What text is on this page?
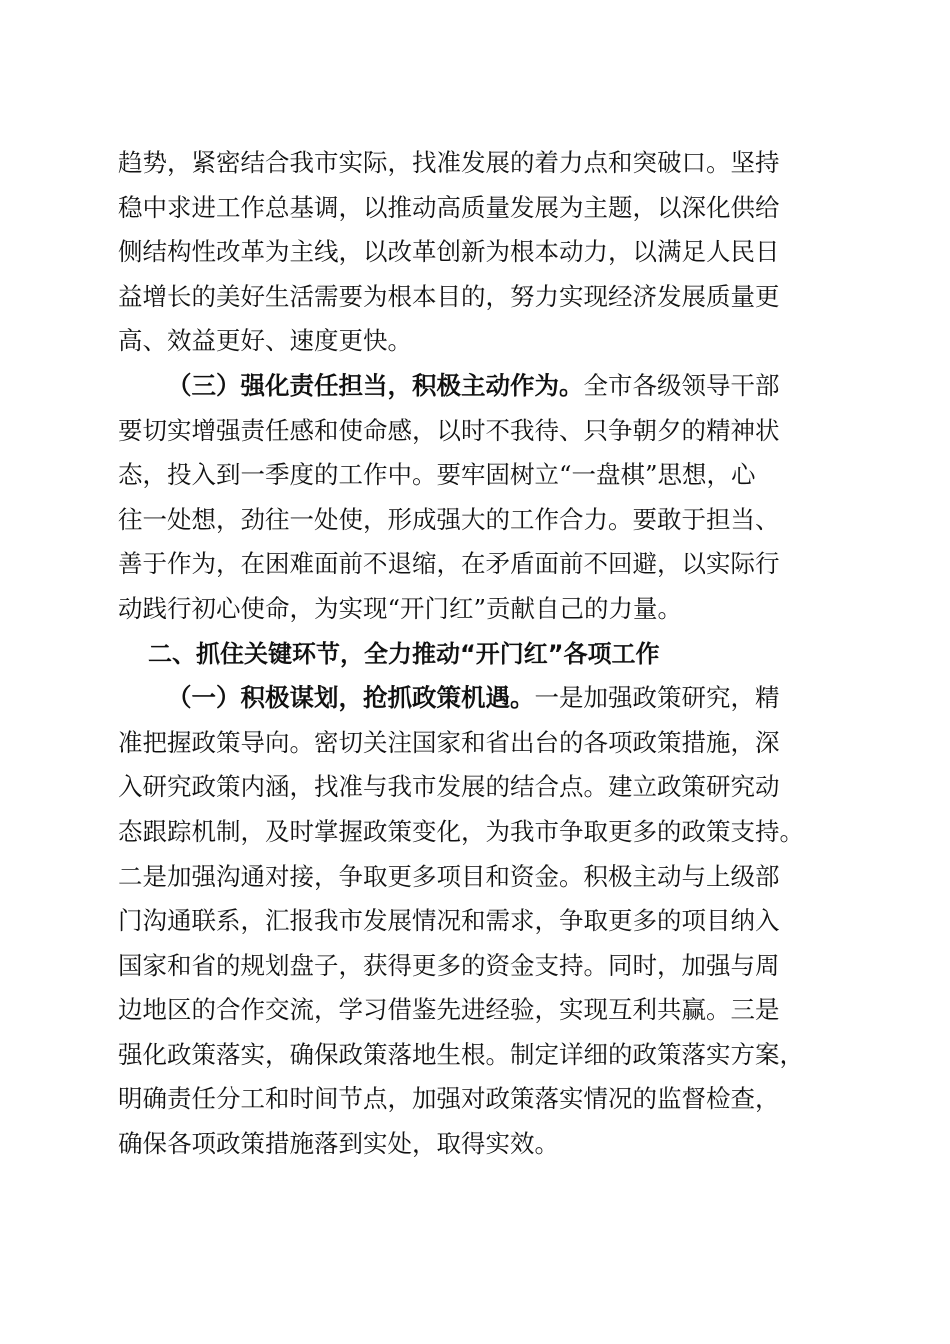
趋势，紧密结合我市实际，找准发展的着力点和突破口。坚持
稳中求进工作总基调，以推动高质量发展为主题，以深化供给
侧结构性改革为主线，以改革创新为根本动力，以满足人民日
益增长的美好生活需要为根本目的，努力实现经济发展质量更
高、效益更好、速度更快。
（三）强化责任担当，积极主动作为。全市各级领导干部
要切实增强责任感和使命感，以时不我待、只争朝夕的精神状
态，投入到一季度的工作中。要牢固树立“一盘棋”思想，心
往一处想，劲往一处使，形成强大的工作合力。要敢于担当、
善于作为，在困难面前不退缩，在矛盾面前不回避，以实际行
动践行初心使命，为实现“开门红”贡献自己的力量。
二、抓住关键环节，全力推动“开门红”各项工作
（一）积极谋划，抢抓政策机遇。一是加强政策研究，精
准把握政策导向。密切关注国家和省出台的各项政策措施，深
入研究政策内涵，找准与我市发展的结合点。建立政策研究动
态跟踪机制，及时掌握政策变化，为我市争取更多的政策支持。
二是加强沟通对接，争取更多项目和资金。积极主动与上级部
门沟通联系，汇报我市发展情况和需求，争取更多的项目纳入
国家和省的规划盘子，获得更多的资金支持。同时，加强与周
边地区的合作交流，学习借鉴先进经验，实现互利共赢。三是
强化政策落实，确保政策落地生根。制定详细的政策落实方案，
明确责任分工和时间节点，加强对政策落实情况的监督检查，
确保各项政策措施落到实处，取得实效。
